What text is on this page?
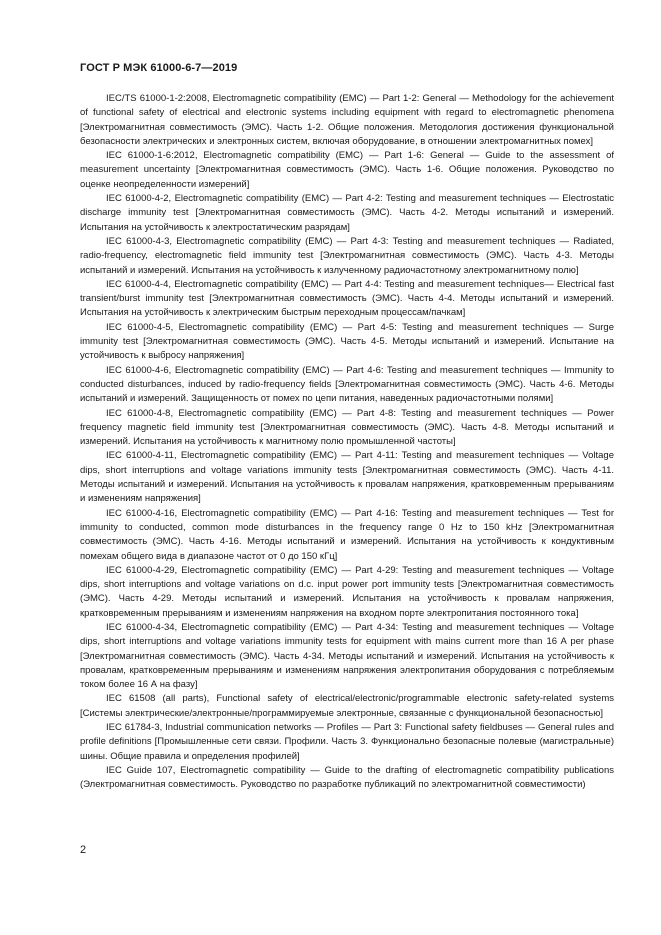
ГОСТ Р МЭК 61000-6-7—2019

IEC/TS 61000-1-2:2008, Electromagnetic compatibility (EMC) — Part 1-2: General — Methodology for the achievement of functional safety of electrical and electronic systems including equipment with regard to electromagnetic phenomena [Электромагнитная совместимость (ЭМС). Часть 1-2. Общие положения. Методология достижения функциональной безопасности электрических и электронных систем, включая оборудование, в отношении электромагнитных помех]

IEC 61000-1-6:2012, Electromagnetic compatibility (EMC) — Part 1-6: General — Guide to the assessment of measurement uncertainty [Электромагнитная совместимость (ЭМС). Часть 1-6. Общие положения. Руководство по оценке неопределенности измерений]

IEC 61000-4-2, Electromagnetic compatibility (EMC) — Part 4-2: Testing and measurement techniques — Electrostatic discharge immunity test [Электромагнитная совместимость (ЭМС). Часть 4-2. Методы испытаний и измерений. Испытания на устойчивость к электростатическим разрядам]

IEC 61000-4-3, Electromagnetic compatibility (EMC) — Part 4-3: Testing and measurement techniques — Radiated, radio-frequency, electromagnetic field immunity test [Электромагнитная совместимость (ЭМС). Часть 4-3. Методы испытаний и измерений. Испытания на устойчивость к излученному радиочастотному электромагнитному полю]

IEC 61000-4-4, Electromagnetic compatibility (EMC) — Part 4-4: Testing and measurement techniques— Electrical fast transient/burst immunity test [Электромагнитная совместимость (ЭМС). Часть 4-4. Методы испытаний и измерений. Испытания на устойчивость к электрическим быстрым переходным процессам/пачкам]

IEC 61000-4-5, Electromagnetic compatibility (EMC) — Part 4-5: Testing and measurement techniques — Surge immunity test [Электромагнитная совместимость (ЭМС). Часть 4-5. Методы испытаний и измерений. Испытание на устойчивость к выбросу напряжения]

IEC 61000-4-6, Electromagnetic compatibility (EMC) — Part 4-6: Testing and measurement techniques — Immunity to conducted disturbances, induced by radio-frequency fields [Электромагнитная совместимость (ЭМС). Часть 4-6. Методы испытаний и измерений. Защищенность от помех по цепи питания, наведенных радиочастотными полями]

IEC 61000-4-8, Electromagnetic compatibility (EMC) — Part 4-8: Testing and measurement techniques — Power frequency magnetic field immunity test [Электромагнитная совместимость (ЭМС). Часть 4-8. Методы испытаний и измерений. Испытания на устойчивость к магнитному полю промышленной частоты]

IEC 61000-4-11, Electromagnetic compatibility (EMC) — Part 4-11: Testing and measurement techniques — Voltage dips, short interruptions and voltage variations immunity tests [Электромагнитная совместимость (ЭМС). Часть 4-11. Методы испытаний и измерений. Испытания на устойчивость к провалам напряжения, кратковременным прерываниям и изменениям напряжения]

IEC 61000-4-16, Electromagnetic compatibility (EMC) — Part 4-16: Testing and measurement techniques — Test for immunity to conducted, common mode disturbances in the frequency range 0 Hz to 150 kHz [Электромагнитная совместимость (ЭМС). Часть 4-16. Методы испытаний и измерений. Испытания на устойчивость к кондуктивным помехам общего вида в диапазоне частот от 0 до 150 кГц]

IEC 61000-4-29, Electromagnetic compatibility (EMC) — Part 4-29: Testing and measurement techniques — Voltage dips, short interruptions and voltage variations on d.c. input power port immunity tests [Электромагнитная совместимость (ЭМС). Часть 4-29. Методы испытаний и измерений. Испытания на устойчивость к провалам напряжения, кратковременным прерываниям и изменениям напряжения на входном порте электропитания постоянного тока]

IEC 61000-4-34, Electromagnetic compatibility (EMC) — Part 4-34: Testing and measurement techniques — Voltage dips, short interruptions and voltage variations immunity tests for equipment with mains current more than 16 A per phase [Электромагнитная совместимость (ЭМС). Часть 4-34. Методы испытаний и измерений. Испытания на устойчивость к провалам, кратковременным прерываниям и изменениям напряжения электропитания оборудования с потребляемым током более 16 А на фазу]

IEC 61508 (all parts), Functional safety of electrical/electronic/programmable electronic safety-related systems [Системы электрические/электронные/программируемые электронные, связанные с функциональной безопасностью]

IEC 61784-3, Industrial communication networks — Profiles — Part 3: Functional safety fieldbuses — General rules and profile definitions [Промышленные сети связи. Профили. Часть 3. Функционально безопасные полевые (магистральные) шины. Общие правила и определения профилей]

IEC Guide 107, Electromagnetic compatibility — Guide to the drafting of electromagnetic compatibility publications (Электромагнитная совместимость. Руководство по разработке публикаций по электромагнитной совместимости)

2
